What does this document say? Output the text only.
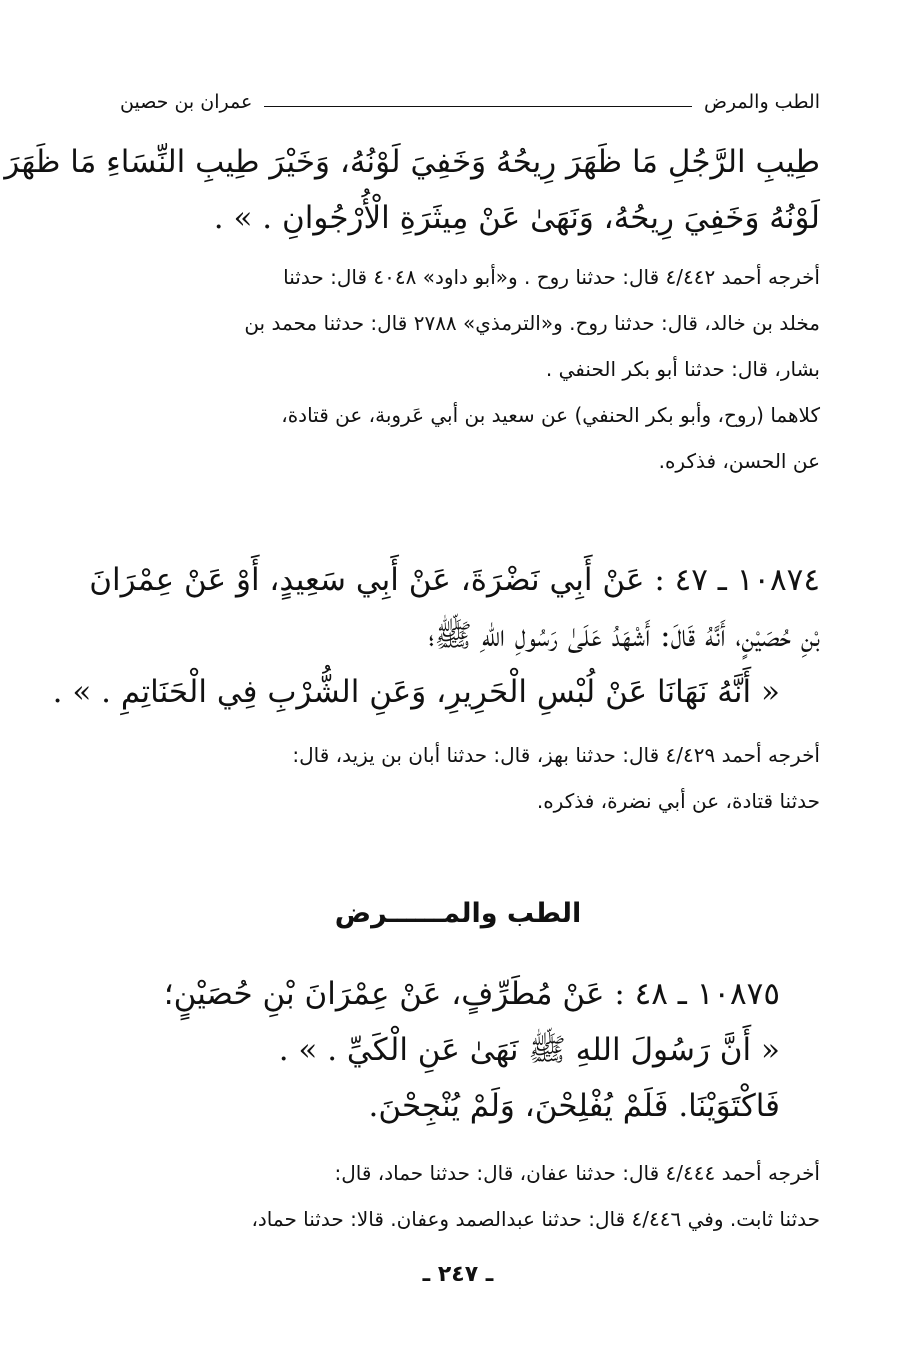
الطب والمرض
عمران بن حصين
طِيبِ الرَّجُلِ مَا ظَهَرَ رِيحُهُ وَخَفِيَ لَوْنُهُ، وَخَيْرَ طِيبِ النِّسَاءِ مَا ظَهَرَ
لَوْنُهُ وَخَفِيَ رِيحُهُ، وَنَهَىٰ عَنْ مِيثَرَةِ الْأُرْجُوانِ . » .
أخرجه أحمد ٤/٤٤٢ قال: حدثنا روح . و«أبو داود» ٤٠٤٨ قال: حدثنا
مخلد بن خالد، قال: حدثنا روح. و«الترمذي» ٢٧٨٨ قال: حدثنا محمد بن
بشار، قال: حدثنا أبو بكر الحنفي .
كلاهما (روح، وأبو بكر الحنفي) عن سعيد بن أبي عَروبة، عن قتادة،
عن الحسن، فذكره.
١٠٨٧٤ ـ ٤٧ : عَنْ أَبِي نَضْرَةَ، عَنْ أَبِي سَعِيدٍ، أَوْ عَنْ عِمْرَانَ
بْنِ حُصَيْنٍ، أَنَّهُ قَالَ: أَشْهَدُ عَلَىٰ رَسُولِ اللهِ ﷺ؛
« أَنَّهُ نَهَانَا عَنْ لُبْسِ الْحَرِيرِ، وَعَنِ الشُّرْبِ فِي الْحَنَاتِمِ . » .
أخرجه أحمد ٤/٤٢٩ قال: حدثنا بهز، قال: حدثنا أبان بن يزيد، قال:
حدثنا قتادة، عن أبي نضرة، فذكره.
الطب والمــــــرض
١٠٨٧٥ ـ ٤٨ : عَنْ مُطَرِّفٍ، عَنْ عِمْرَانَ بْنِ حُصَيْنٍ؛
« أَنَّ رَسُولَ اللهِ ﷺ نَهَىٰ عَنِ الْكَيِّ . » .
فَاكْتَوَيْنَا. فَلَمْ يُفْلِحْنَ، وَلَمْ يُنْجِحْنَ.
أخرجه أحمد ٤/٤٤٤ قال: حدثنا عفان، قال: حدثنا حماد، قال:
حدثنا ثابت. وفي ٤/٤٤٦ قال: حدثنا عبدالصمد وعفان. قالا: حدثنا حماد،
ـ ٢٤٧ ـ
